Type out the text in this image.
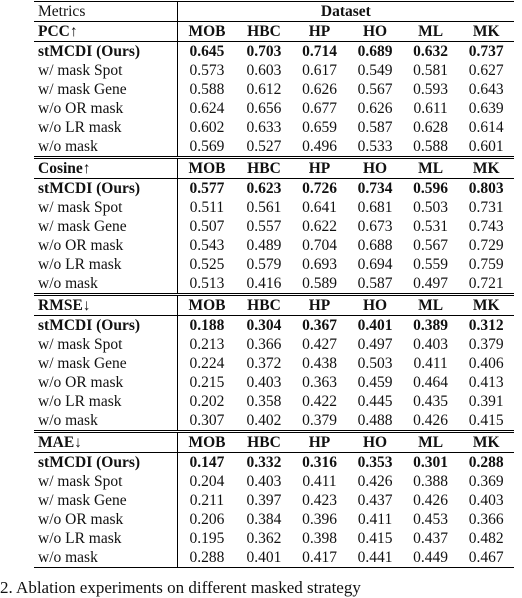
Metrics	Dataset					
PCC↑	MOB	HBC	HP	HO	ML	MK
stMCDI (Ours)	0.645	0.703	0.714	0.689	0.632	0.737
w/ mask Spot	0.573	0.603	0.617	0.549	0.581	0.627
w/ mask Gene	0.588	0.612	0.626	0.567	0.593	0.643
w/o OR mask	0.624	0.656	0.677	0.626	0.611	0.639
w/o LR mask	0.602	0.633	0.659	0.587	0.628	0.614
w/o mask	0.569	0.527	0.496	0.533	0.588	0.601
Cosine↑	MOB	HBC	HP	HO	ML	MK
stMCDI (Ours)	0.577	0.623	0.726	0.734	0.596	0.803
w/ mask Spot	0.511	0.561	0.641	0.681	0.503	0.731
w/ mask Gene	0.507	0.557	0.622	0.673	0.531	0.743
w/o OR mask	0.543	0.489	0.704	0.688	0.567	0.729
w/o LR mask	0.525	0.579	0.693	0.694	0.559	0.759
w/o mask	0.513	0.416	0.589	0.587	0.497	0.721
RMSE↓	MOB	HBC	HP	HO	ML	MK
stMCDI (Ours)	0.188	0.304	0.367	0.401	0.389	0.312
w/ mask Spot	0.213	0.366	0.427	0.497	0.403	0.379
w/ mask Gene	0.224	0.372	0.438	0.503	0.411	0.406
w/o OR mask	0.215	0.403	0.363	0.459	0.464	0.413
w/o LR mask	0.202	0.358	0.422	0.445	0.435	0.391
w/o mask	0.307	0.402	0.379	0.488	0.426	0.415
MAE↓	MOB	HBC	HP	HO	ML	MK
stMCDI (Ours)	0.147	0.332	0.316	0.353	0.301	0.288
w/ mask Spot	0.204	0.403	0.411	0.426	0.388	0.369
w/ mask Gene	0.211	0.397	0.423	0.437	0.426	0.403
w/o OR mask	0.206	0.384	0.396	0.411	0.453	0.366
w/o LR mask	0.195	0.362	0.398	0.415	0.437	0.482
w/o mask	0.288	0.401	0.417	0.441	0.449	0.467
2. Ablation experiments on different masked strategy
